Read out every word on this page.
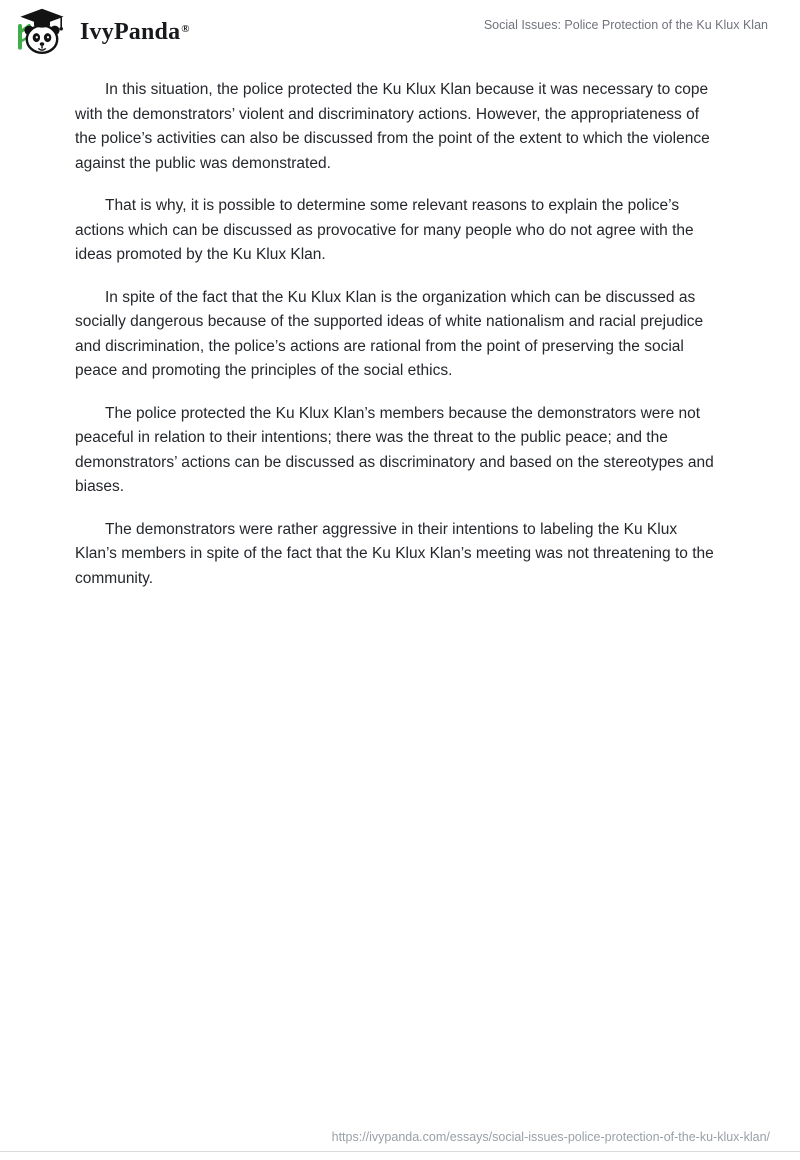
IvyPanda®	Social Issues: Police Protection of the Ku Klux Klan

In this situation, the police protected the Ku Klux Klan because it was necessary to cope with the demonstrators’ violent and discriminatory actions. However, the appropriateness of the police’s activities can also be discussed from the point of the extent to which the violence against the public was demonstrated.

That is why, it is possible to determine some relevant reasons to explain the police’s actions which can be discussed as provocative for many people who do not agree with the ideas promoted by the Ku Klux Klan.

In spite of the fact that the Ku Klux Klan is the organization which can be discussed as socially dangerous because of the supported ideas of white nationalism and racial prejudice and discrimination, the police’s actions are rational from the point of preserving the social peace and promoting the principles of the social ethics.

The police protected the Ku Klux Klan’s members because the demonstrators were not peaceful in relation to their intentions; there was the threat to the public peace; and the demonstrators’ actions can be discussed as discriminatory and based on the stereotypes and biases.

The demonstrators were rather aggressive in their intentions to labeling the Ku Klux Klan’s members in spite of the fact that the Ku Klux Klan’s meeting was not threatening to the community.

https://ivypanda.com/essays/social-issues-police-protection-of-the-ku-klux-klan/
